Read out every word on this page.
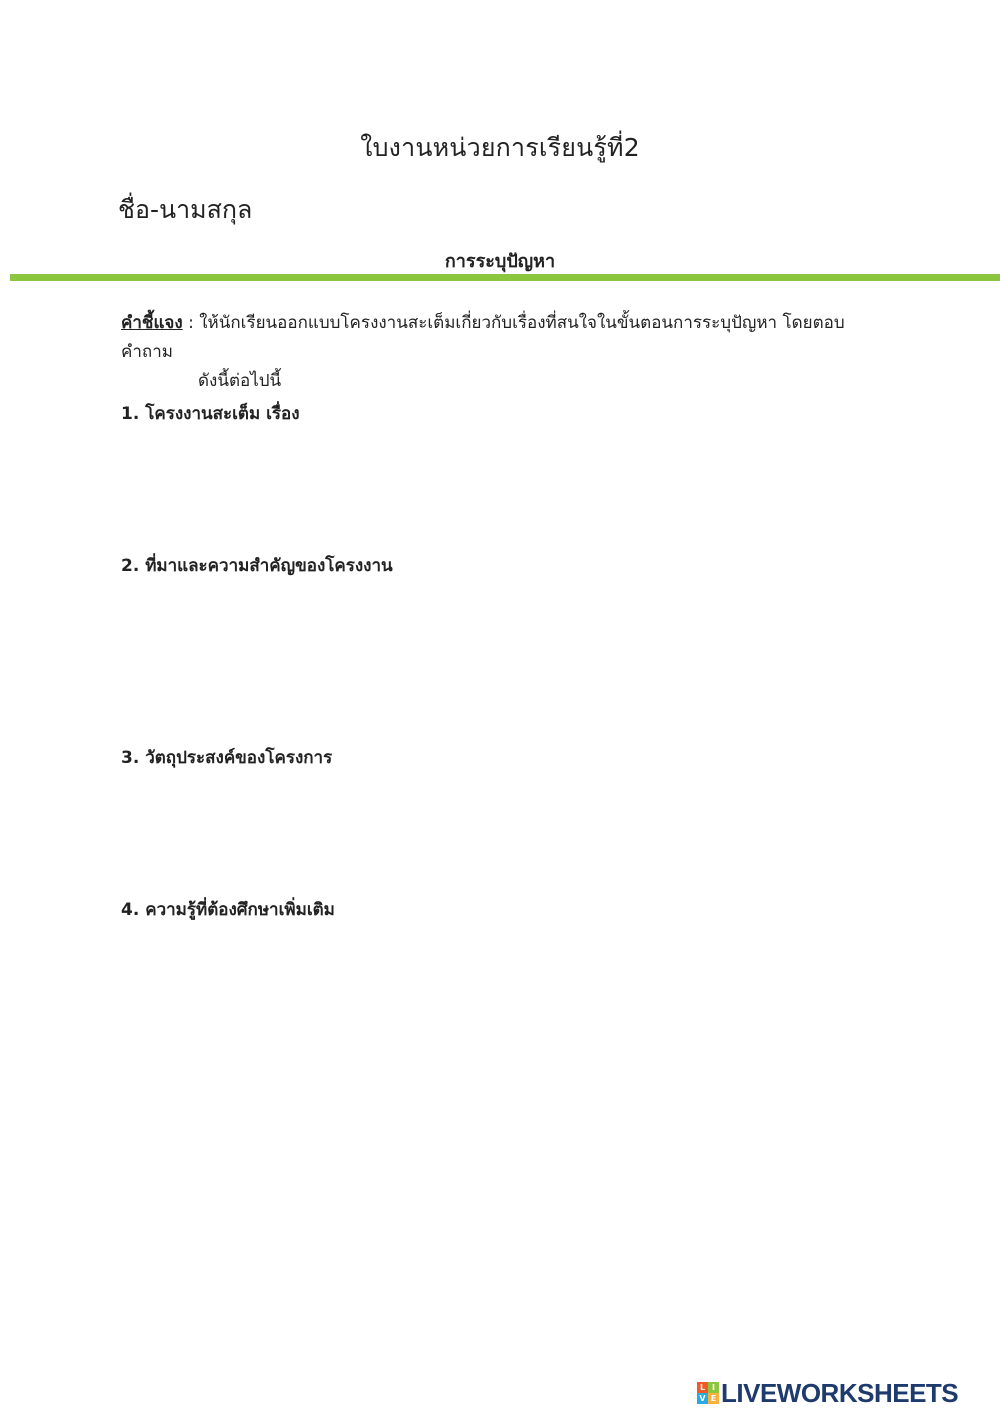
ใบงานหน่วยการเรียนรู้ที่2
ชื่อ-นามสกุล
การระบุปัญหา
คำชี้แจง : ให้นักเรียนออกแบบโครงงานสะเต็มเกี่ยวกับเรื่องที่สนใจในขั้นตอนการระบุปัญหา โดยตอบคำถาม
ดังนี้ต่อไปนี้
1. โครงงานสะเต็ม เรื่อง
2. ที่มาและความสำคัญของโครงงาน
3. วัตถุประสงค์ของโครงการ
4. ความรู้ที่ต้องศึกษาเพิ่มเติม
L I
V E LIVEWORKSHEETS
